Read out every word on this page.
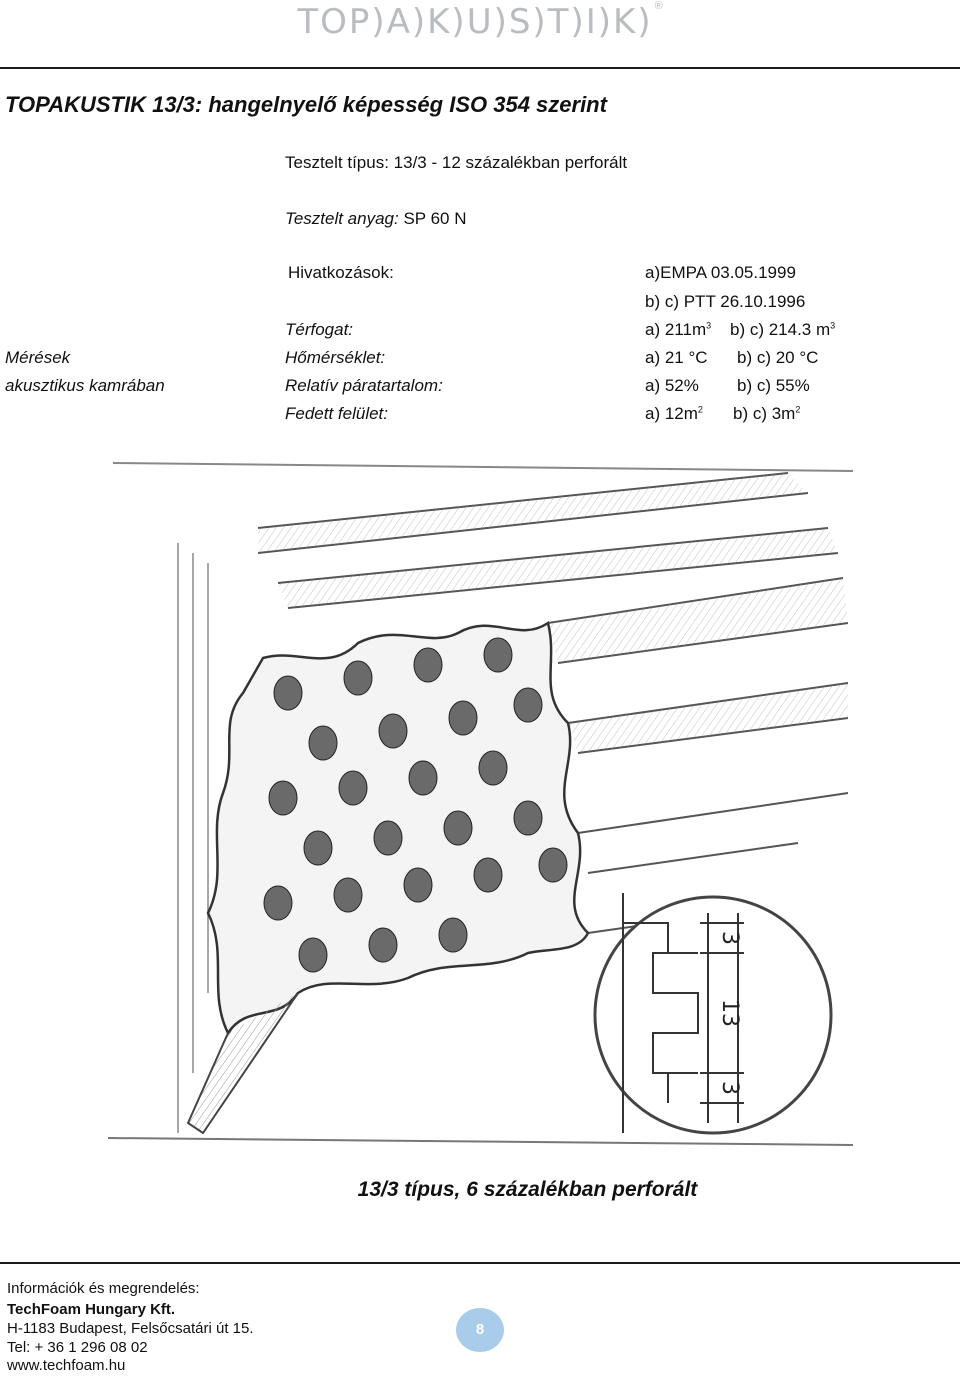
TOP)A)K)U)S)T)I)K) ®
TOPAKUSTIK 13/3: hangelnyelő képesség ISO 354 szerint
Tesztelt típus: 13/3 - 12 százalékban perforált
Tesztelt anyag: SP 60 N
Hivatkozások:	a)EMPA 03.05.1999
b) c) PTT 26.10.1996
Mérések
akusztikus kamrában
Térfogat:	a) $211m^3$ b) c) 214.3 $m^3$
Hőmérséklet:	a) 21 °C b) c) 20 °C
Relatív páratartalom:	a) 52% b) c) 55%
Fedett felület:	a) $12m^2$ b) c) $3m^2$
3
13
3
13/3 típus, 6 százalékban perforált
Információk és megrendelés:
TechFoam Hungary Kft.
H-1183 Budapest, Felsőcsatári út 15.
Tel: + 36 1 296 08 02
www.techfoam.hu
8
